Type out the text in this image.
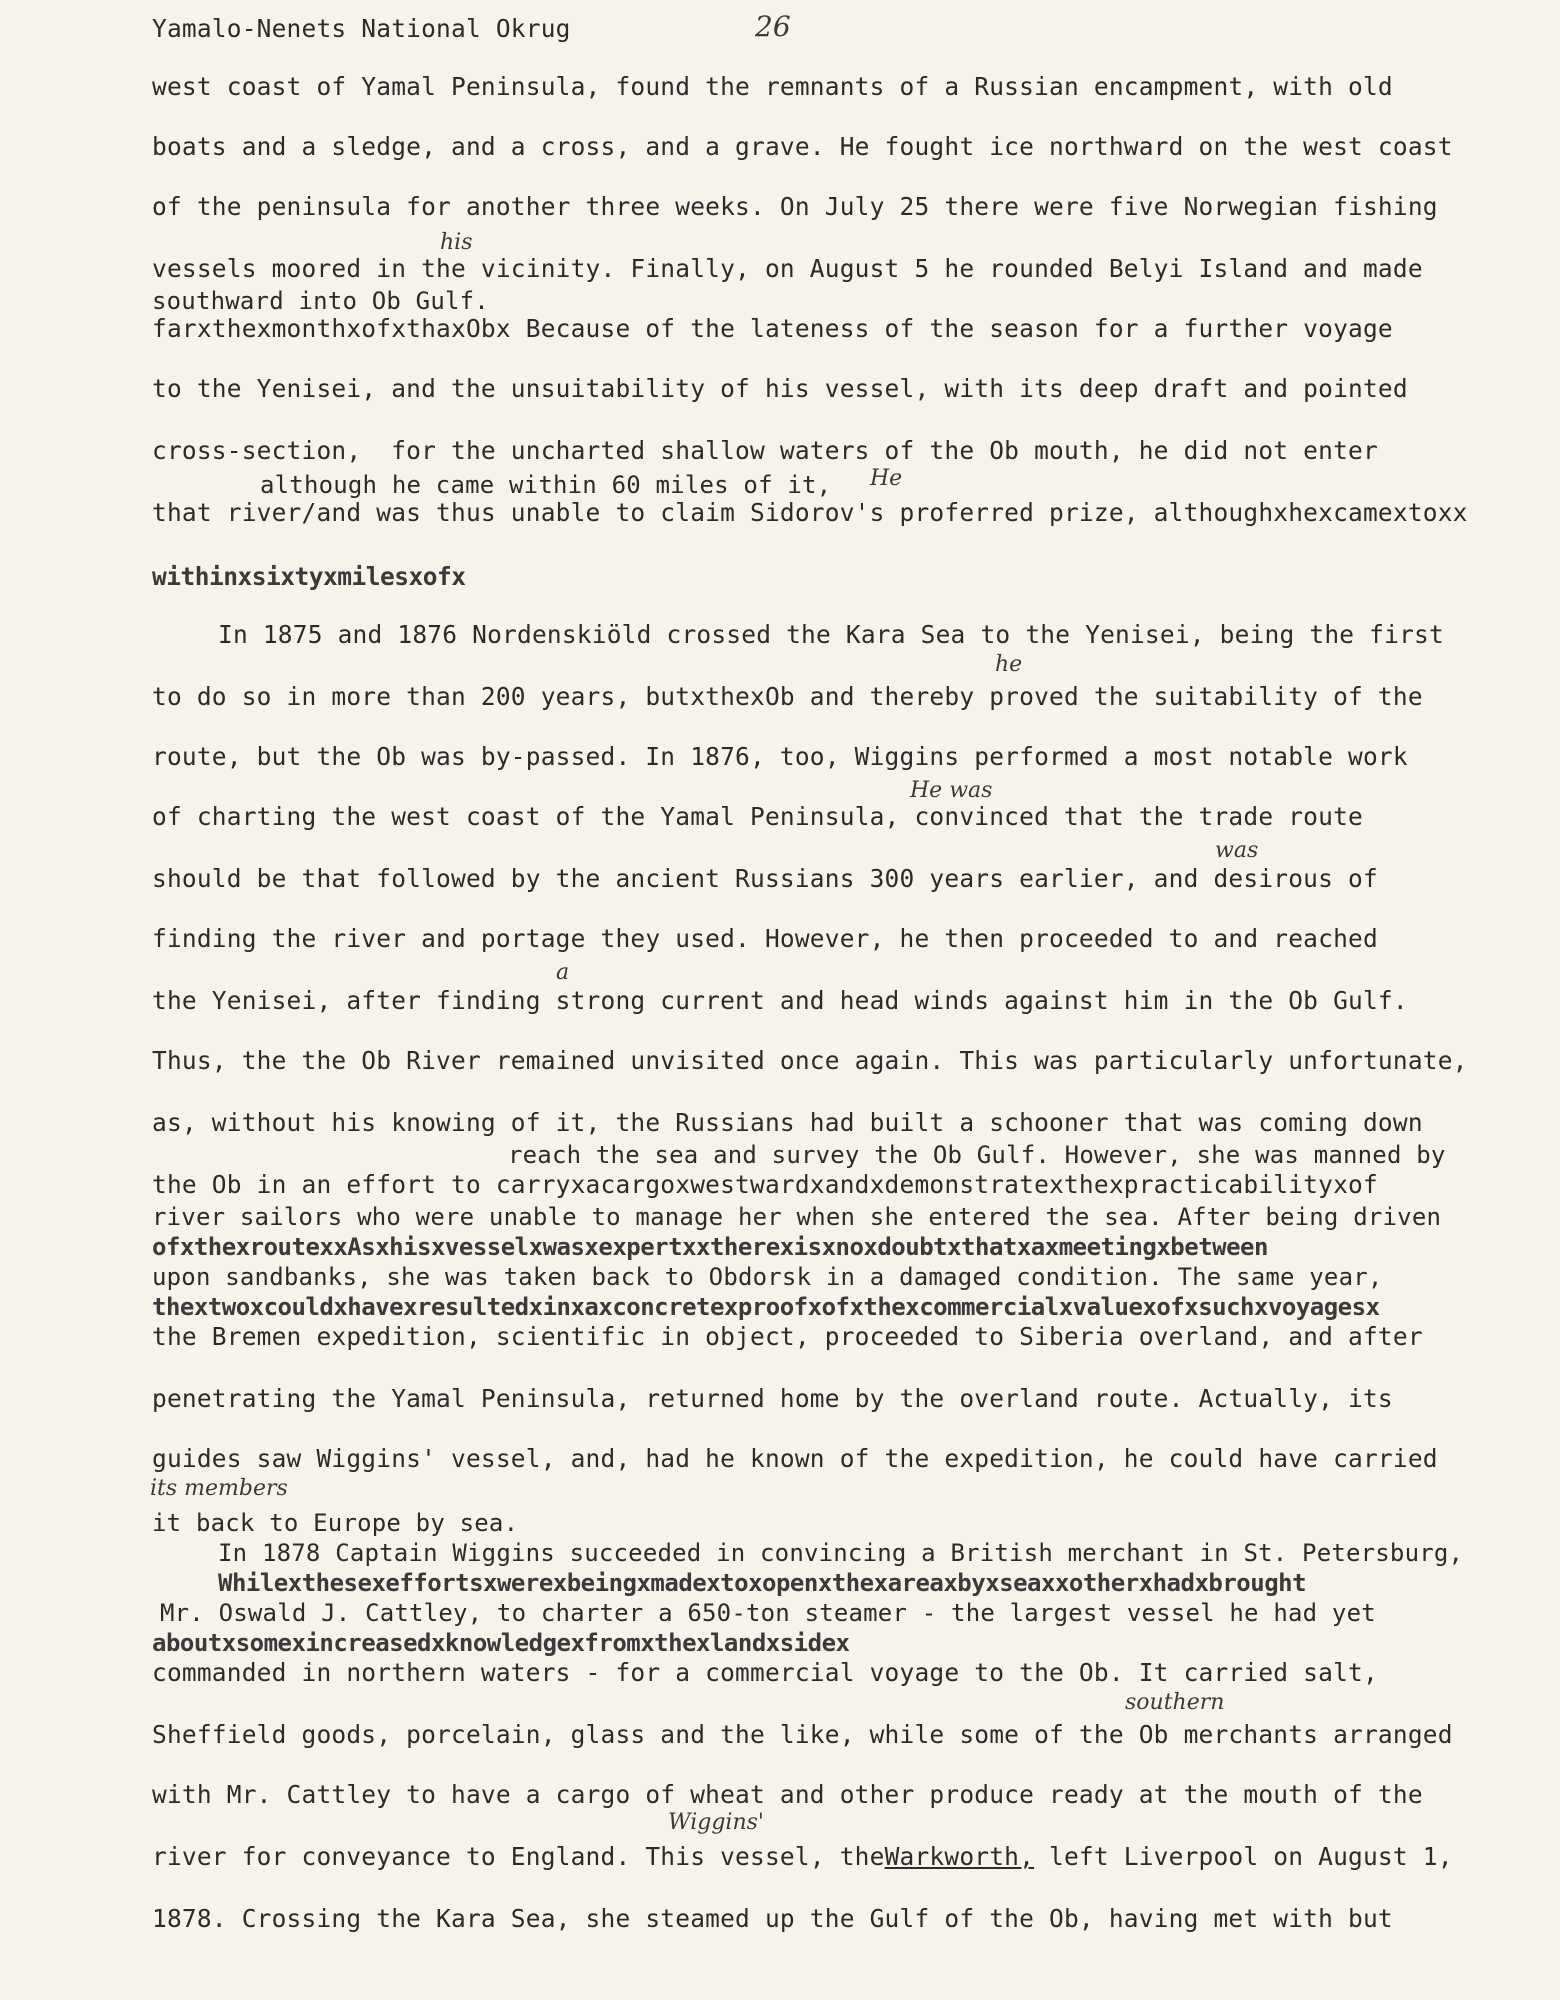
Yamalo-Nenets National Okrug	26
west coast of Yamal Peninsula, found the remnants of a Russian encampment, with old
boats and a sledge, and a cross, and a grave. He fought ice northward on the west coast
of the peninsula for another three weeks. On July 25 there were five Norwegian fishing
his
vessels moored in the vicinity. Finally, on August 5 he rounded Belyi Island and made
southward into Ob Gulf.
farxthexmonthxofxthaxObx Because of the lateness of the season for a further voyage
to the Yenisei, and the unsuitability of his vessel, with its deep draft and pointed
cross-section,  for the uncharted shallow waters of the Ob mouth, he did not enter
although he came within 60 miles of it, He
that river/and was thus unable to claim Sidorov's proferred prize, althoughxhexcamextoxx
withinxsixtyxmilesxofx
In 1875 and 1876 Nordenskiöld crossed the Kara Sea to the Yenisei, being the first
he
to do so in more than 200 years, butxthexOb and thereby proved the suitability of the
route, but the Ob was by-passed. In 1876, too, Wiggins performed a most notable work
He was
of charting the west coast of the Yamal Peninsula, convinced that the trade route
was
should be that followed by the ancient Russians 300 years earlier, and desirous of
finding the river and portage they used. However, he then proceeded to and reached
a
the Yenisei, after finding strong current and head winds against him in the Ob Gulf.
Thus, the the Ob River remained unvisited once again. This was particularly unfortunate,
as, without his knowing of it, the Russians had built a schooner that was coming down
reach the sea and survey the Ob Gulf. However, she was manned by
the Ob in an effort to carryxacargoxwestwardxandxdemonstratexthexpracticabilityxof
river sailors who were unable to manage her when she entered the sea. After being driven
ofxthexroutexxAsxhisxvesselxwasxexpertxxtherexisxnoxdoubtxthatxaxmeetingxbetween
upon sandbanks, she was taken back to Obdorsk in a damaged condition. The same year,
thextwoxcouldxhavexresultedxinxaxconcretexproofxofxthexcommercialxvaluexofxsuchxvoyagesx
the Bremen expedition, scientific in object, proceeded to Siberia overland, and after
penetrating the Yamal Peninsula, returned home by the overland route. Actually, its
guides saw Wiggins' vessel, and, had he known of the expedition, he could have carried
its members
it back to Europe by sea.
In 1878 Captain Wiggins succeeded in convincing a British merchant in St. Petersburg,
Whilexthesexeffortsxwerexbeingxmadextoxopenxthexareaxbyxseaxxotherxhadxbrought
Mr. Oswald J. Cattley, to charter a 650-ton steamer - the largest vessel he had yet
aboutxsomexincreasedxknowledgexfromxthexlandxsidex
commanded in northern waters - for a commercial voyage to the Ob. It carried salt,
southern
Sheffield goods, porcelain, glass and the like, while some of the Ob merchants arranged
with Mr. Cattley to have a cargo of wheat and other produce ready at the mouth of the
Wiggins'
river for conveyance to England. This vessel, theWarkworth, left Liverpool on August 1,
1878. Crossing the Kara Sea, she steamed up the Gulf of the Ob, having met with but
